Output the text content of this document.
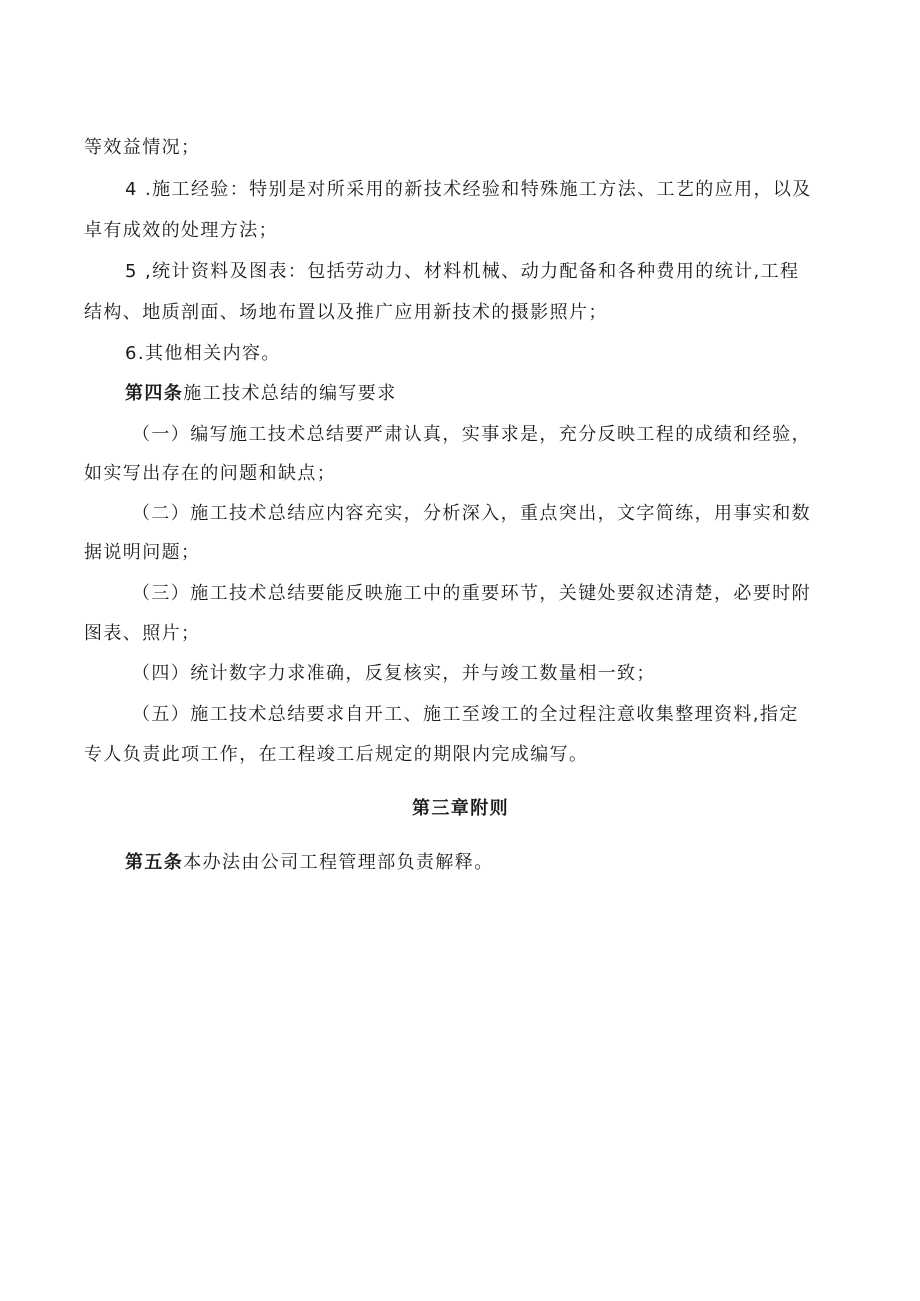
等效益情况；
4 .施工经验：特别是对所采用的新技术经验和特殊施工方法、工艺的应用，以及
卓有成效的处理方法；
5 ,统计资料及图表：包括劳动力、材料机械、动力配备和各种费用的统计,工程
结构、地质剖面、场地布置以及推广应用新技术的摄影照片；
6.其他相关内容。
第四条施工技术总结的编写要求
（一）编写施工技术总结要严肃认真，实事求是，充分反映工程的成绩和经验，
如实写出存在的问题和缺点；
（二）施工技术总结应内容充实，分析深入，重点突出，文字简练，用事实和数
据说明问题；
（三）施工技术总结要能反映施工中的重要环节，关键处要叙述清楚，必要时附
图表、照片；
（四）统计数字力求准确，反复核实，并与竣工数量相一致；
（五）施工技术总结要求自开工、施工至竣工的全过程注意收集整理资料,指定
专人负责此项工作，在工程竣工后规定的期限内完成编写。
第三章附则
第五条本办法由公司工程管理部负责解释。
